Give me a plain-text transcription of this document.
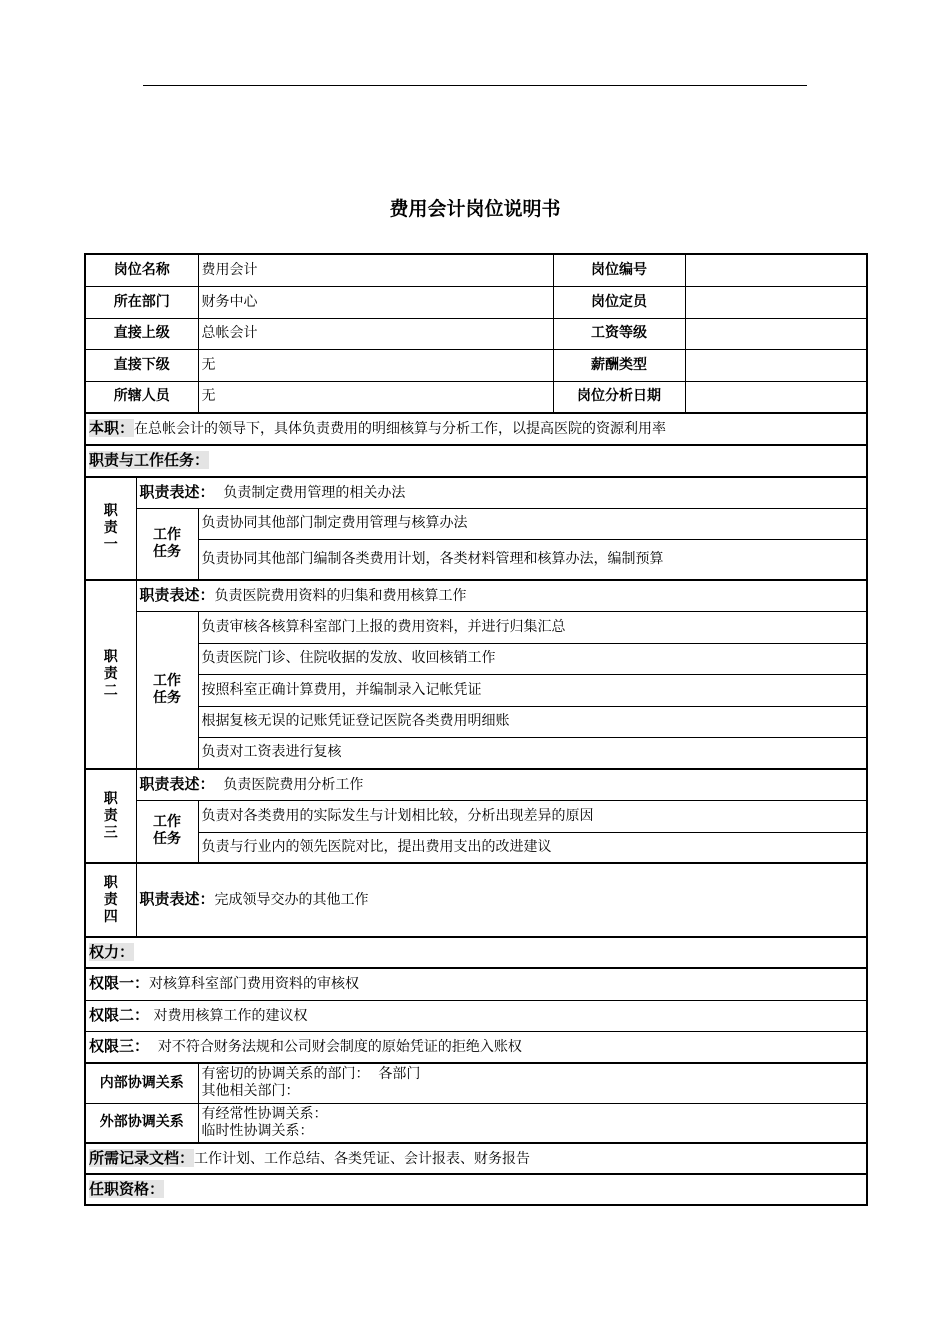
费用会计岗位说明书
岗位名称		费用会计	岗位编号	
所在部门		财务中心	岗位定员	
直接上级		总帐会计	工资等级	
直接下级		无	薪酬类型	
所辖人员		无	岗位分析日期	
本职：在总帐会计的领导下，具体负责费用的明细核算与分析工作，以提高医院的资源利用率				
职责与工作任务：				
职
责
一	职责表述：  负责制定费用管理的相关办法			
	工作
任务	负责协同其他部门制定费用管理与核算办法		
		负责协同其他部门编制各类费用计划，各类材料管理和核算办法，编制预算		
职
责
二	职责表述：负责医院费用资料的归集和费用核算工作			
	工作
任务	负责审核各核算科室部门上报的费用资料，并进行归集汇总		
		负责医院门诊、住院收据的发放、收回核销工作		
		按照科室正确计算费用，并编制录入记帐凭证		
		根据复核无误的记账凭证登记医院各类费用明细账		
		负责对工资表进行复核		
职
责
三	职责表述：  负责医院费用分析工作			
	工作
任务	负责对各类费用的实际发生与计划相比较，分析出现差异的原因		
		负责与行业内的领先医院对比，提出费用支出的改进建议		
职
责
四	职责表述：完成领导交办的其他工作			
权力：				
权限一：对核算科室部门费用资料的审核权				
权限二： 对费用核算工作的建议权				
权限三：  对不符合财务法规和公司财会制度的原始凭证的拒绝入账权				
内部协调关系		有密切的协调关系的部门：  各部门
其他相关部门：		
外部协调关系		有经常性协调关系：
临时性协调关系：		
所需记录文档：工作计划、工作总结、各类凭证、会计报表、财务报告				
任职资格：				
